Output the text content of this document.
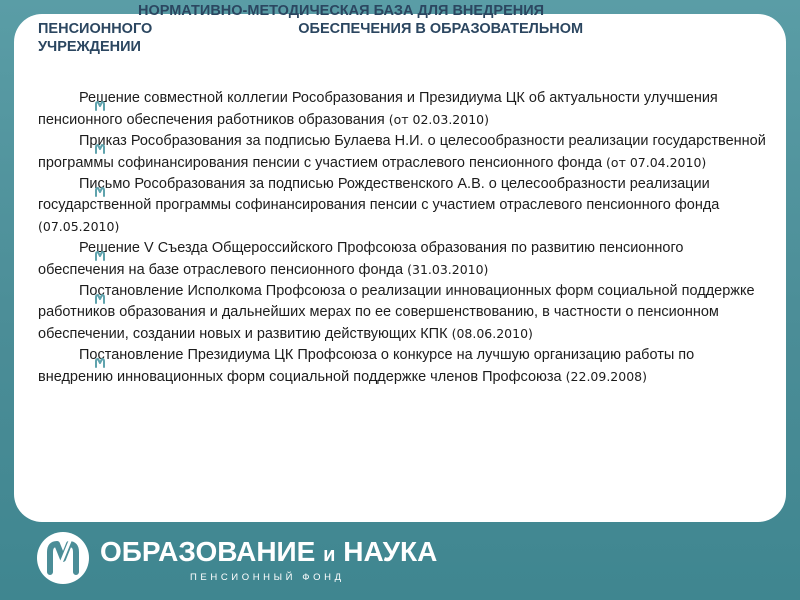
НОРМАТИВНО-МЕТОДИЧЕСКАЯ БАЗА ДЛЯ ВНЕДРЕНИЯ
ПЕНСИОННОГО	ОБЕСПЕЧЕНИЯ В ОБРАЗОВАТЕЛЬНОМ
УЧРЕЖДЕНИИ
Решение совместной коллегии Рособразования и Президиума ЦК об актуальности улучшения пенсионного обеспечения работников образования (от 02.03.2010)
Приказ Рособразования за подписью Булаева Н.И. о целесообразности реализации государственной программы софинансирования пенсии с участием отраслевого пенсионного фонда (от 07.04.2010)
Письмо Рособразования за подписью Рождественского А.В. о целесообразности реализации государственной программы софинансирования пенсии с участием отраслевого пенсионного фонда (07.05.2010)
Решение V Съезда Общероссийского Профсоюза образования по развитию пенсионного обеспечения на базе отраслевого пенсионного фонда (31.03.2010)
Постановление Исполкома Профсоюза о реализации инновационных форм социальной поддержке работников образования и дальнейших мерах по ее совершенствованию, в частности о пенсионном обеспечении, создании новых и развитию действующих КПК (08.06.2010)
Постановление Президиума ЦК Профсоюза о конкурсе на лучшую организацию работы по внедрению инновационных форм социальной поддержке членов Профсоюза (22.09.2008)

ОБРАЗОВАНИЕ и НАУКА

ПЕНСИОННЫЙ ФОНД
